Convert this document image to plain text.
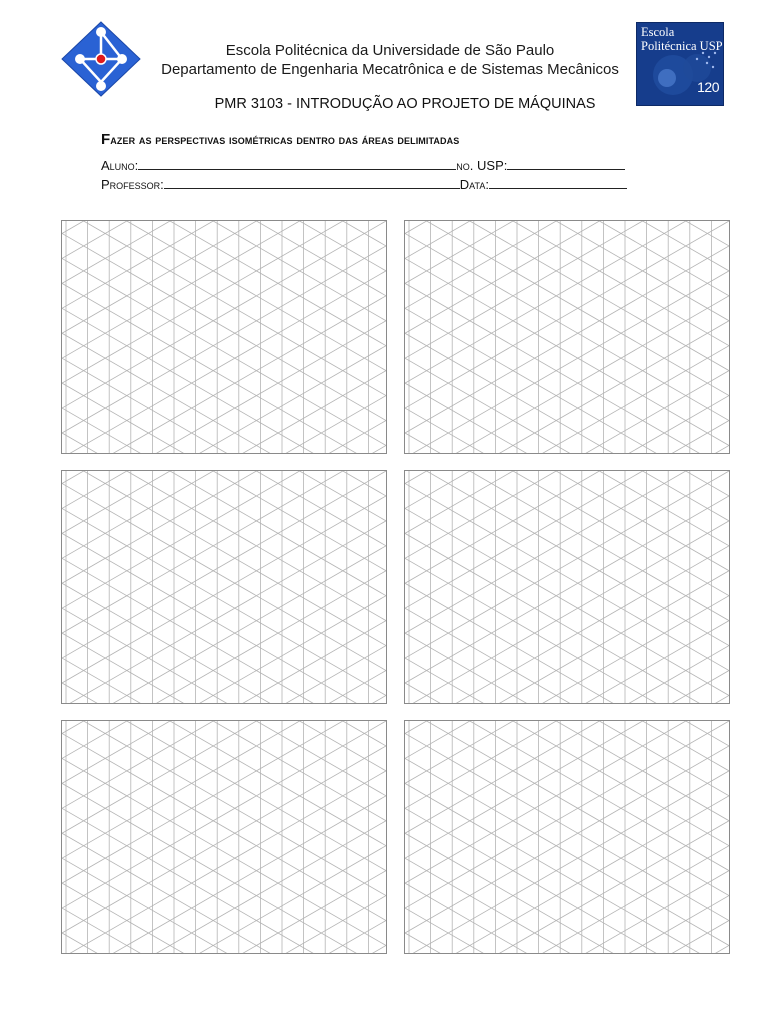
Escola
Politécnica USP
120
Escola Politécnica da Universidade de São Paulo
Departamento de Engenharia Mecatrônica e de Sistemas Mecânicos
PMR 3103 - INTRODUÇÃO AO PROJETO DE MÁQUINAS
Fazer as perspectivas isométricas dentro das áreas delimitadas
Aluno:	no. USP:
Professor:	Data:
